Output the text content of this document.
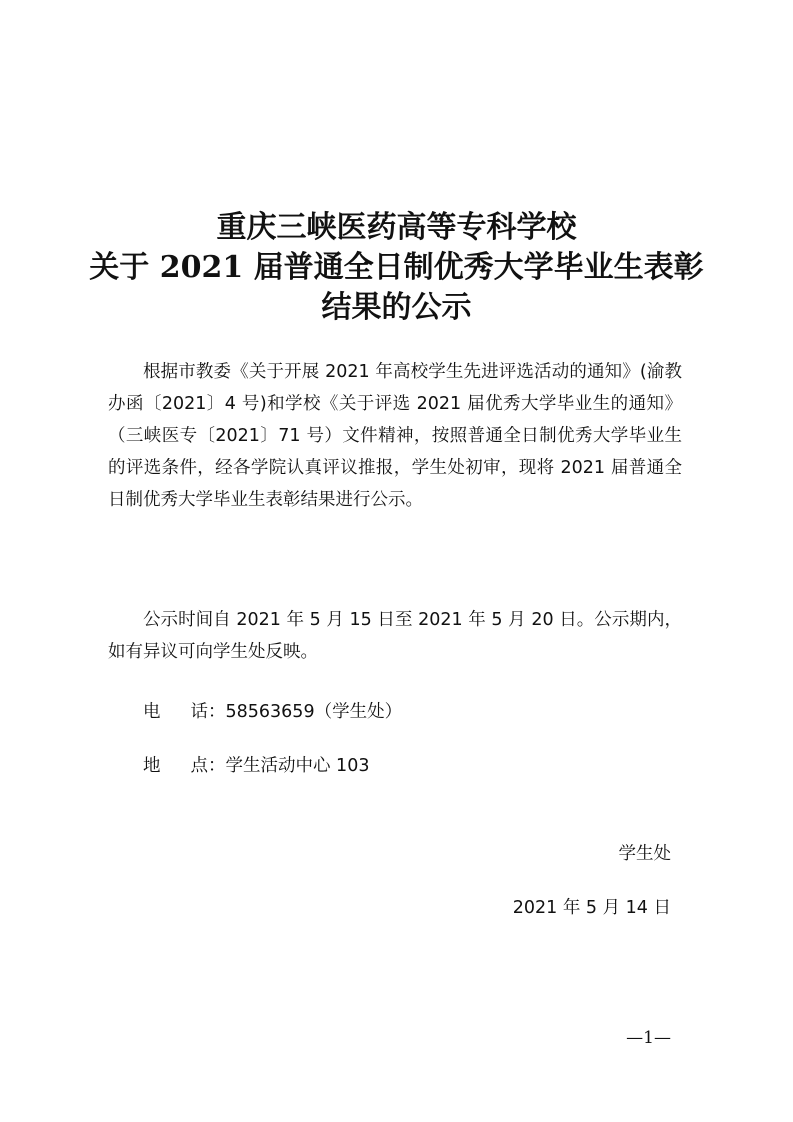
重庆三峡医药高等专科学校
关于 2021 届普通全日制优秀大学毕业生表彰
结果的公示
根据市教委《关于开展 2021 年高校学生先进评选活动的通知》(渝教办函〔2021〕4 号)和学校《关于评选 2021 届优秀大学毕业生的通知》（三峡医专〔2021〕71 号）文件精神，按照普通全日制优秀大学毕业生的评选条件，经各学院认真评议推报，学生处初审，现将 2021 届普通全日制优秀大学毕业生表彰结果进行公示。
公示时间自 2021 年 5 月 15 日至 2021 年 5 月 20 日。公示期内，如有异议可向学生处反映。
电 话：58563659（学生处）
地 点：学生活动中心 103
学生处
2021 年 5 月 14 日
—1—
